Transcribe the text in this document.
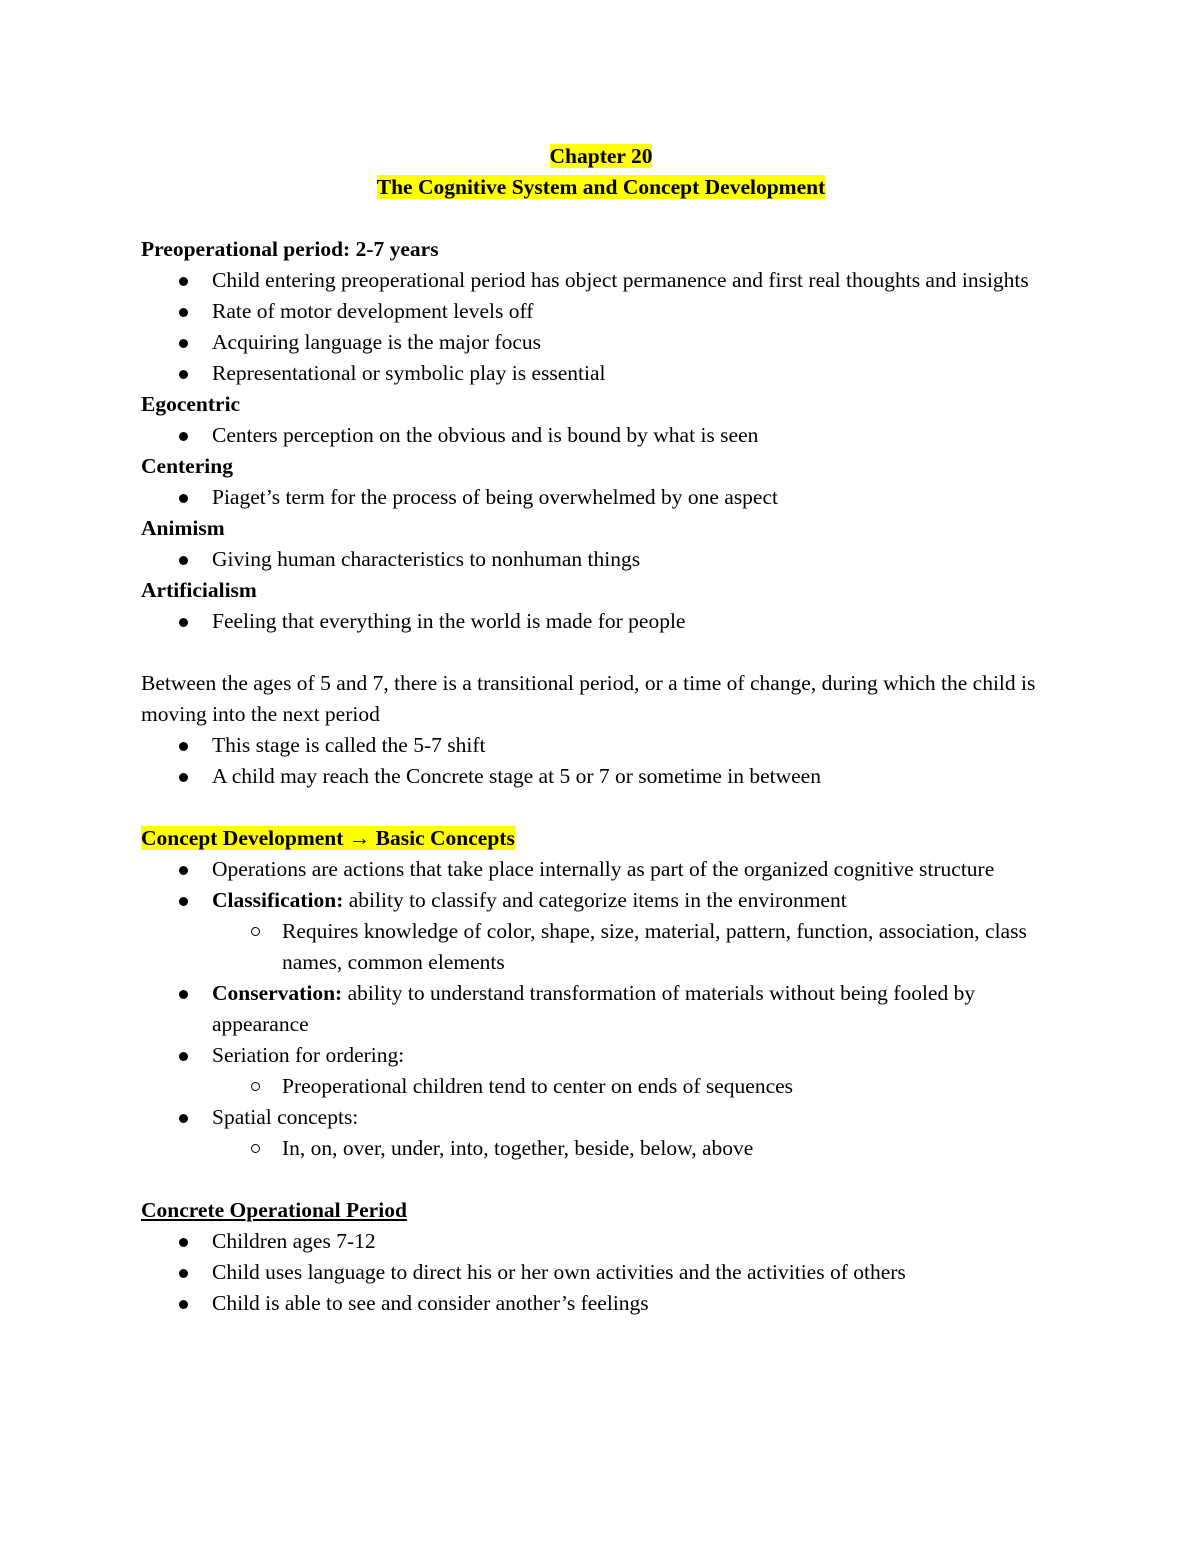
Chapter 20

The Cognitive System and Concept Development

Preoperational period: 2-7 years

Child entering preoperational period has object permanence and first real thoughts and insights
Rate of motor development levels off
Acquiring language is the major focus
Representational or symbolic play is essential

Egocentric

Centers perception on the obvious and is bound by what is seen

Centering

Piaget’s term for the process of being overwhelmed by one aspect

Animism

Giving human characteristics to nonhuman things

Artificialism

Feeling that everything in the world is made for people

Between the ages of 5 and 7, there is a transitional period, or a time of change, during which the child is moving into the next period

This stage is called the 5-7 shift
A child may reach the Concrete stage at 5 or 7 or sometime in between

Concept Development → Basic Concepts

Operations are actions that take place internally as part of the organized cognitive structure
Classification: ability to classify and categorize items in the environment
Requires knowledge of color, shape, size, material, pattern, function, association, class names, common elements
Conservation: ability to understand transformation of materials without being fooled by appearance
Seriation for ordering:
Preoperational children tend to center on ends of sequences
Spatial concepts:
In, on, over, under, into, together, beside, below, above

Concrete Operational Period

Children ages 7-12
Child uses language to direct his or her own activities and the activities of others
Child is able to see and consider another’s feelings
